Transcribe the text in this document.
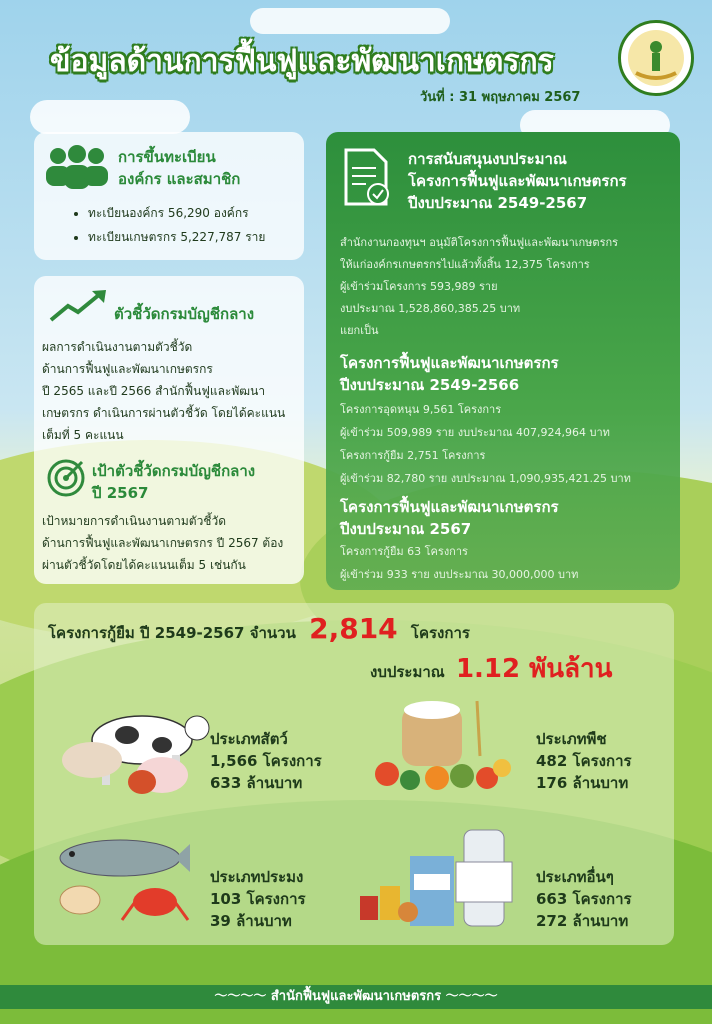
ข้อมูลด้านการฟื้นฟูและพัฒนาเกษตรกร
วันที่ : 31 พฤษภาคม 2567
การขึ้นทะเบียน
องค์กร และสมาชิก
• ทะเบียนองค์กร 56,290 องค์กร
• ทะเบียนเกษตรกร 5,227,787 ราย
ตัวชี้วัดกรมบัญชีกลาง
ผลการดำเนินงานตามตัวชี้วัด
ด้านการฟื้นฟูและพัฒนาเกษตรกร
ปี 2565 และปี 2566 สำนักฟื้นฟูและพัฒนา
เกษตรกร ดำเนินการผ่านตัวชี้วัด โดยได้คะแนน
เต็มที่ 5 คะแนน
เป้าตัวชี้วัดกรมบัญชีกลาง
ปี 2567
เป้าหมายการดำเนินงานตามตัวชี้วัด
ด้านการฟื้นฟูและพัฒนาเกษตรกร ปี 2567 ต้อง
ผ่านตัวชี้วัดโดยได้คะแนนเต็ม 5 เช่นกัน
การสนับสนุนงบประมาณ
โครงการฟื้นฟูและพัฒนาเกษตรกร
ปีงบประมาณ 2549-2567
สำนักงานกองทุนฯ อนุมัติโครงการฟื้นฟูและพัฒนาเกษตรกร
ให้แก่องค์กรเกษตรกรไปแล้วทั้งสิ้น 12,375 โครงการ
ผู้เข้าร่วมโครงการ 593,989 ราย
งบประมาณ 1,528,860,385.25 บาท
แยกเป็น
โครงการฟื้นฟูและพัฒนาเกษตรกร
ปีงบประมาณ 2549-2566
โครงการอุดหนุน 9,561 โครงการ
ผู้เข้าร่วม 509,989 ราย งบประมาณ 407,924,964 บาท
โครงการกู้ยืม 2,751 โครงการ
ผู้เข้าร่วม 82,780 ราย งบประมาณ 1,090,935,421.25 บาท
โครงการฟื้นฟูและพัฒนาเกษตรกร
ปีงบประมาณ 2567
โครงการกู้ยืม 63 โครงการ
ผู้เข้าร่วม 933 ราย งบประมาณ 30,000,000 บาท
โครงการกู้ยืม ปี 2549-2567 จำนวน 2,814 โครงการ
งบประมาณ 1.12 พันล้าน
ประเภทสัตว์
1,566 โครงการ
633 ล้านบาท
ประเภทพืช
482 โครงการ
176 ล้านบาท
ประเภทประมง
103 โครงการ
39 ล้านบาท
ประเภทอื่นๆ
663 โครงการ
272 ล้านบาท
〜〜〜〜 สำนักฟื้นฟูและพัฒนาเกษตรกร 〜〜〜〜
